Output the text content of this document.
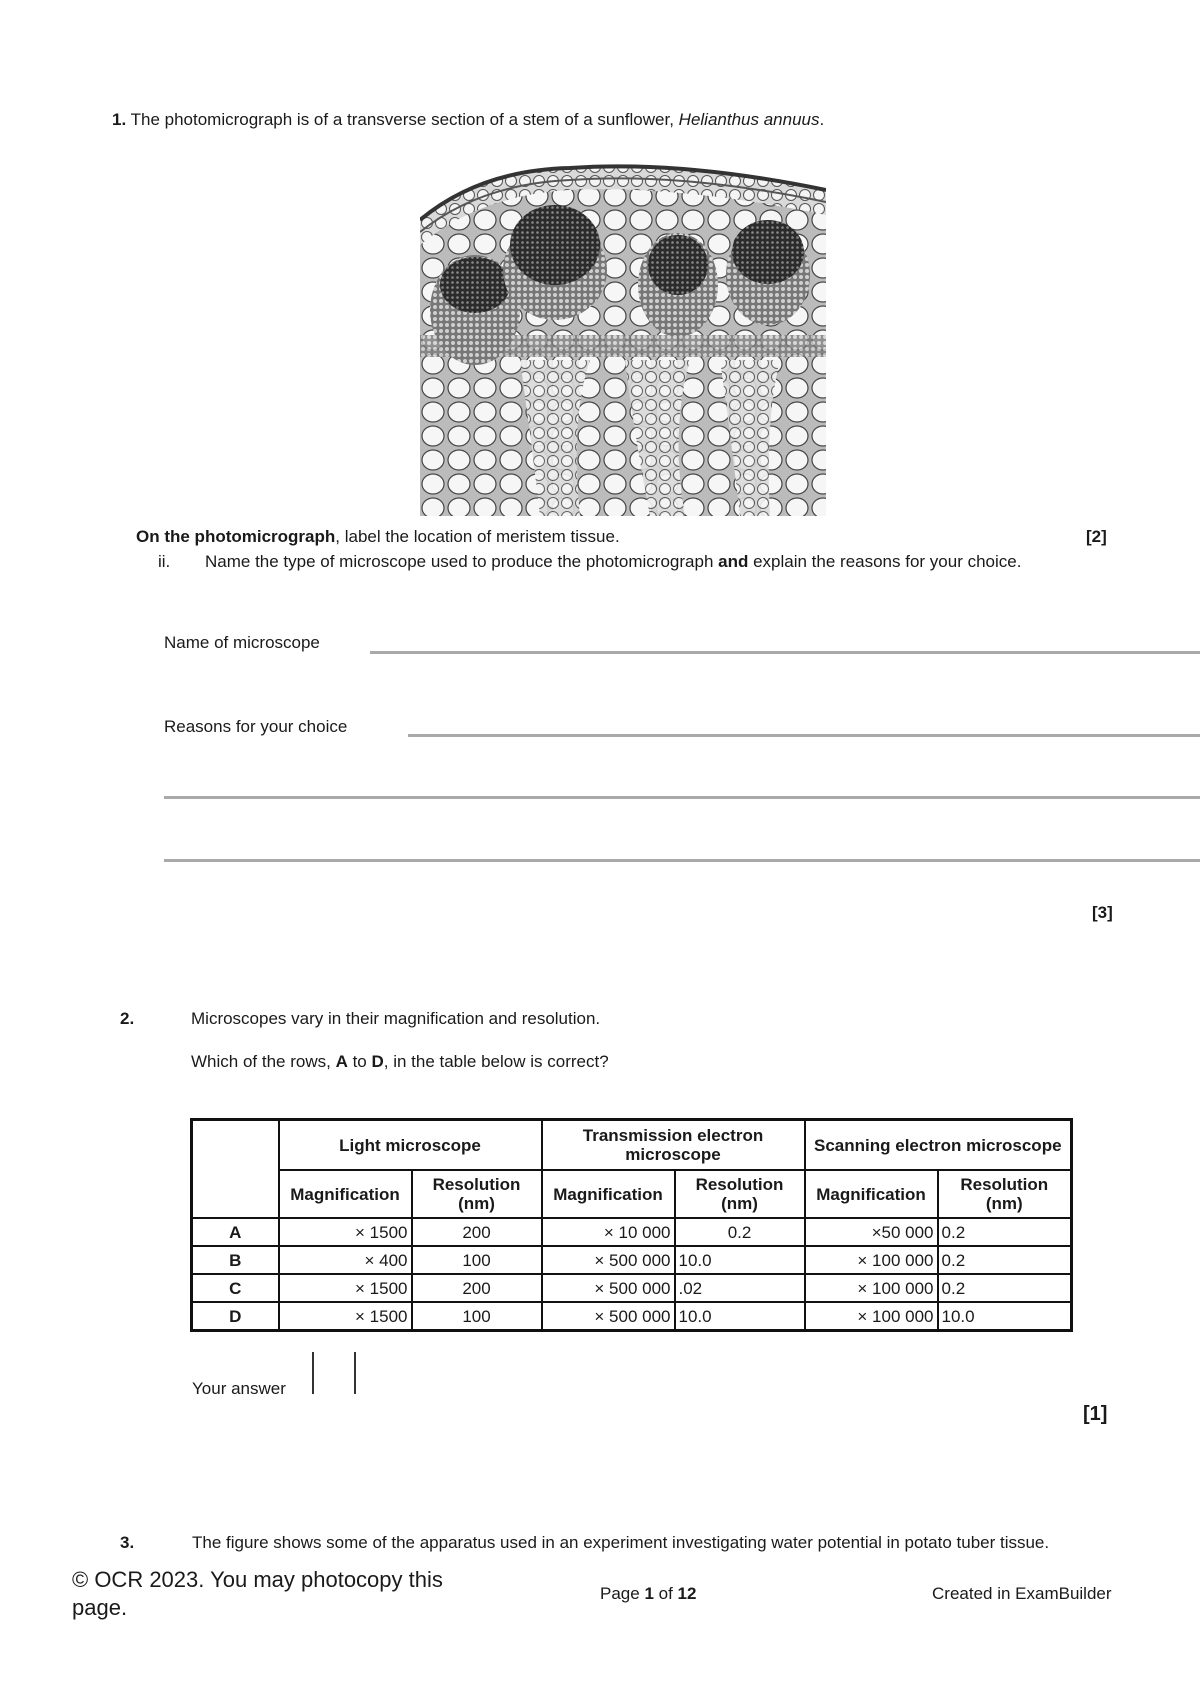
1. The photomicrograph is of a transverse section of a stem of a sunflower, Helianthus annuus.
On the photomicrograph, label the location of meristem tissue.	[2]
ii. Name the type of microscope used to produce the photomicrograph and explain the reasons for your choice.
Name of microscope
Reasons for your choice
[3]
2.	Microscopes vary in their magnification and resolution.
Which of the rows, A to D, in the table below is correct?
	Light microscope		Transmission electron microscope		Scanning electron microscope	
	Magnification	Resolution (nm)	Magnification	Resolution (nm)	Magnification	Resolution (nm)
A	× 1500	200	× 10 000	0.2	×50 000	0.2
B	× 400	100	× 500 000	10.0	× 100 000	0.2
C	× 1500	200	× 500 000	.02	× 100 000	0.2
D	× 1500	100	× 500 000	10.0	× 100 000	10.0
Your answer
[1]
3.	The figure shows some of the apparatus used in an experiment investigating water potential in potato tuber tissue.
© OCR 2023. You may photocopy this
page.
Page 1 of 12	Created in ExamBuilder
